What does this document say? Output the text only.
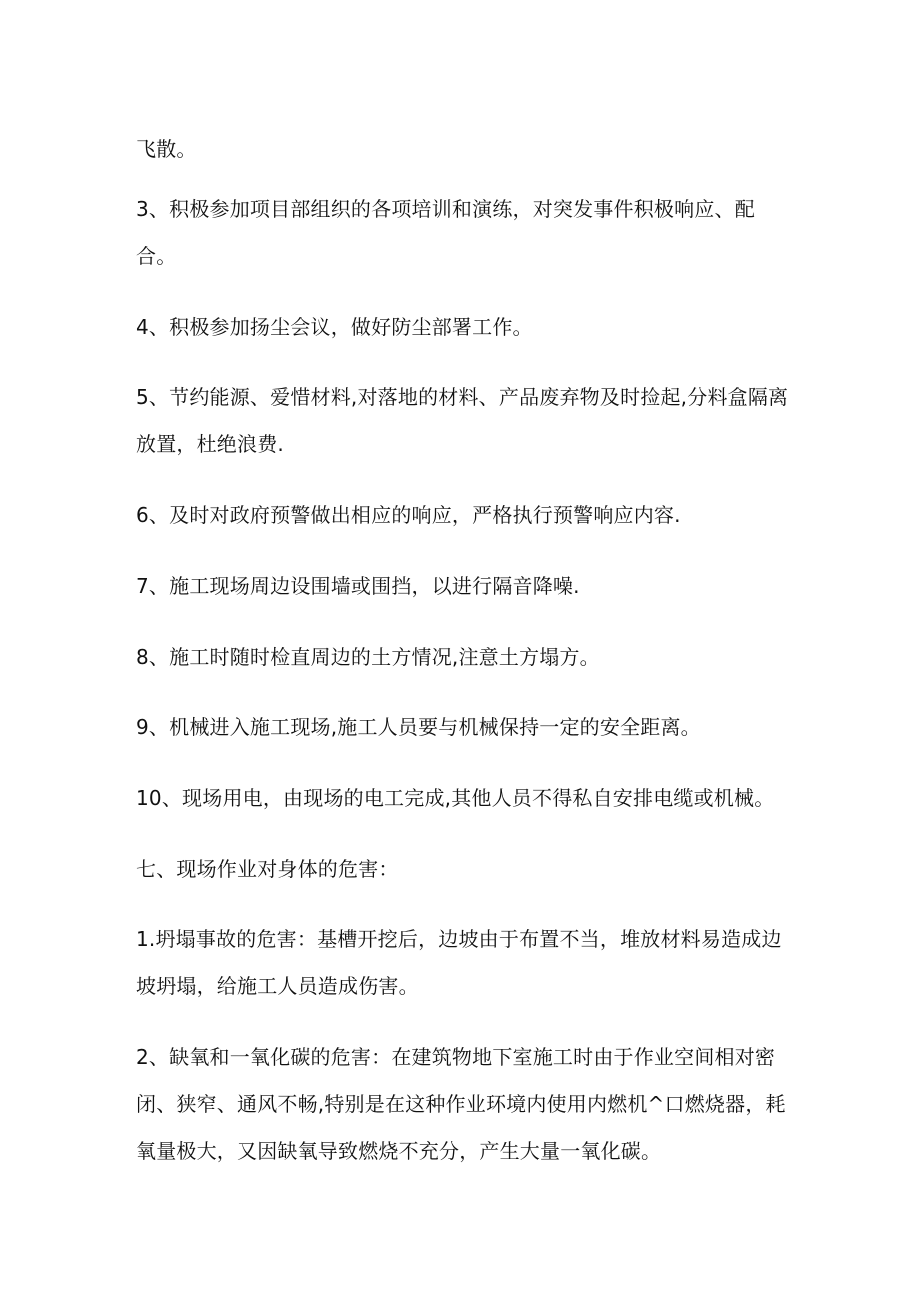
飞散。
3、积极参加项目部组织的各项培训和演练，对突发事件积极响应、配
合。
4、积极参加扬尘会议，做好防尘部署工作。
5、节约能源、爱惜材料,对落地的材料、产品废弃物及时捡起,分料盒隔离
放置，杜绝浪费.
6、及时对政府预警做出相应的响应，严格执行预警响应内容.
7、施工现场周边设围墙或围挡，以进行隔音降噪.
8、施工时随时检直周边的土方情况,注意土方塌方。
9、机械进入施工现场,施工人员要与机械保持一定的安全距离。
10、现场用电，由现场的电工完成,其他人员不得私自安排电缆或机械。
七、现场作业对身体的危害：
1.坍塌事故的危害：基槽开挖后，边坡由于布置不当，堆放材料易造成边
坡坍塌，给施工人员造成伤害。
2、缺氧和一氧化碳的危害：在建筑物地下室施工时由于作业空间相对密
闭、狭窄、通风不畅,特别是在这种作业环境内使用内燃机^口燃烧器，耗
氧量极大，又因缺氧导致燃烧不充分，产生大量一氧化碳。
